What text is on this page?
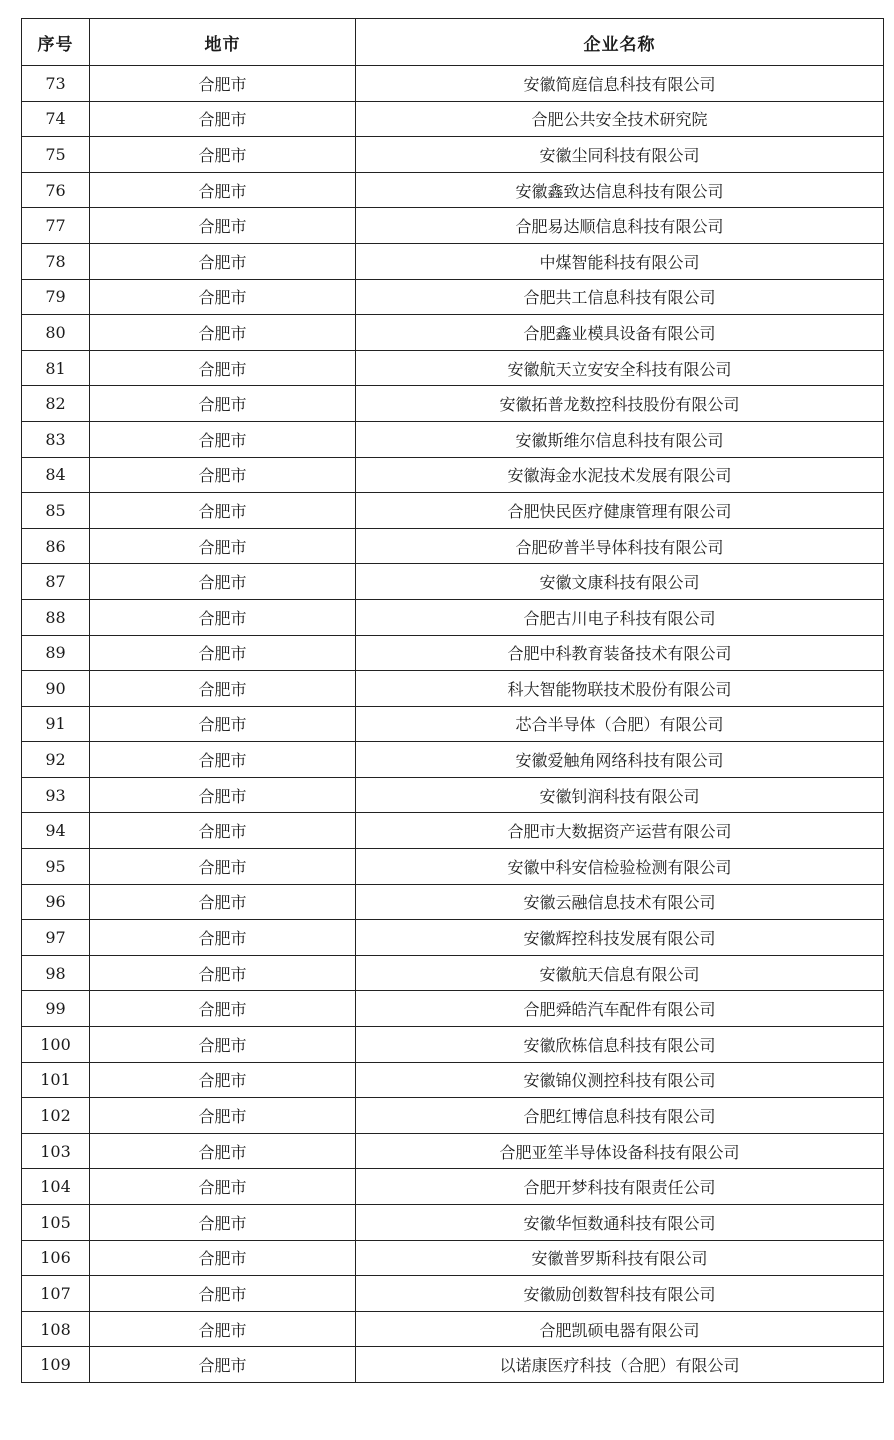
序号	地市	企业名称
73	合肥市	安徽简庭信息科技有限公司
74	合肥市	合肥公共安全技术研究院
75	合肥市	安徽尘同科技有限公司
76	合肥市	安徽鑫致达信息科技有限公司
77	合肥市	合肥易达顺信息科技有限公司
78	合肥市	中煤智能科技有限公司
79	合肥市	合肥共工信息科技有限公司
80	合肥市	合肥鑫业模具设备有限公司
81	合肥市	安徽航天立安安全科技有限公司
82	合肥市	安徽拓普龙数控科技股份有限公司
83	合肥市	安徽斯维尔信息科技有限公司
84	合肥市	安徽海金水泥技术发展有限公司
85	合肥市	合肥快民医疗健康管理有限公司
86	合肥市	合肥矽普半导体科技有限公司
87	合肥市	安徽文康科技有限公司
88	合肥市	合肥古川电子科技有限公司
89	合肥市	合肥中科教育装备技术有限公司
90	合肥市	科大智能物联技术股份有限公司
91	合肥市	芯合半导体（合肥）有限公司
92	合肥市	安徽爱触角网络科技有限公司
93	合肥市	安徽钊润科技有限公司
94	合肥市	合肥市大数据资产运营有限公司
95	合肥市	安徽中科安信检验检测有限公司
96	合肥市	安徽云融信息技术有限公司
97	合肥市	安徽辉控科技发展有限公司
98	合肥市	安徽航天信息有限公司
99	合肥市	合肥舜皓汽车配件有限公司
100	合肥市	安徽欣栋信息科技有限公司
101	合肥市	安徽锦仪测控科技有限公司
102	合肥市	合肥红博信息科技有限公司
103	合肥市	合肥亚笙半导体设备科技有限公司
104	合肥市	合肥开梦科技有限责任公司
105	合肥市	安徽华恒数通科技有限公司
106	合肥市	安徽普罗斯科技有限公司
107	合肥市	安徽励创数智科技有限公司
108	合肥市	合肥凯硕电器有限公司
109	合肥市	以诺康医疗科技（合肥）有限公司
